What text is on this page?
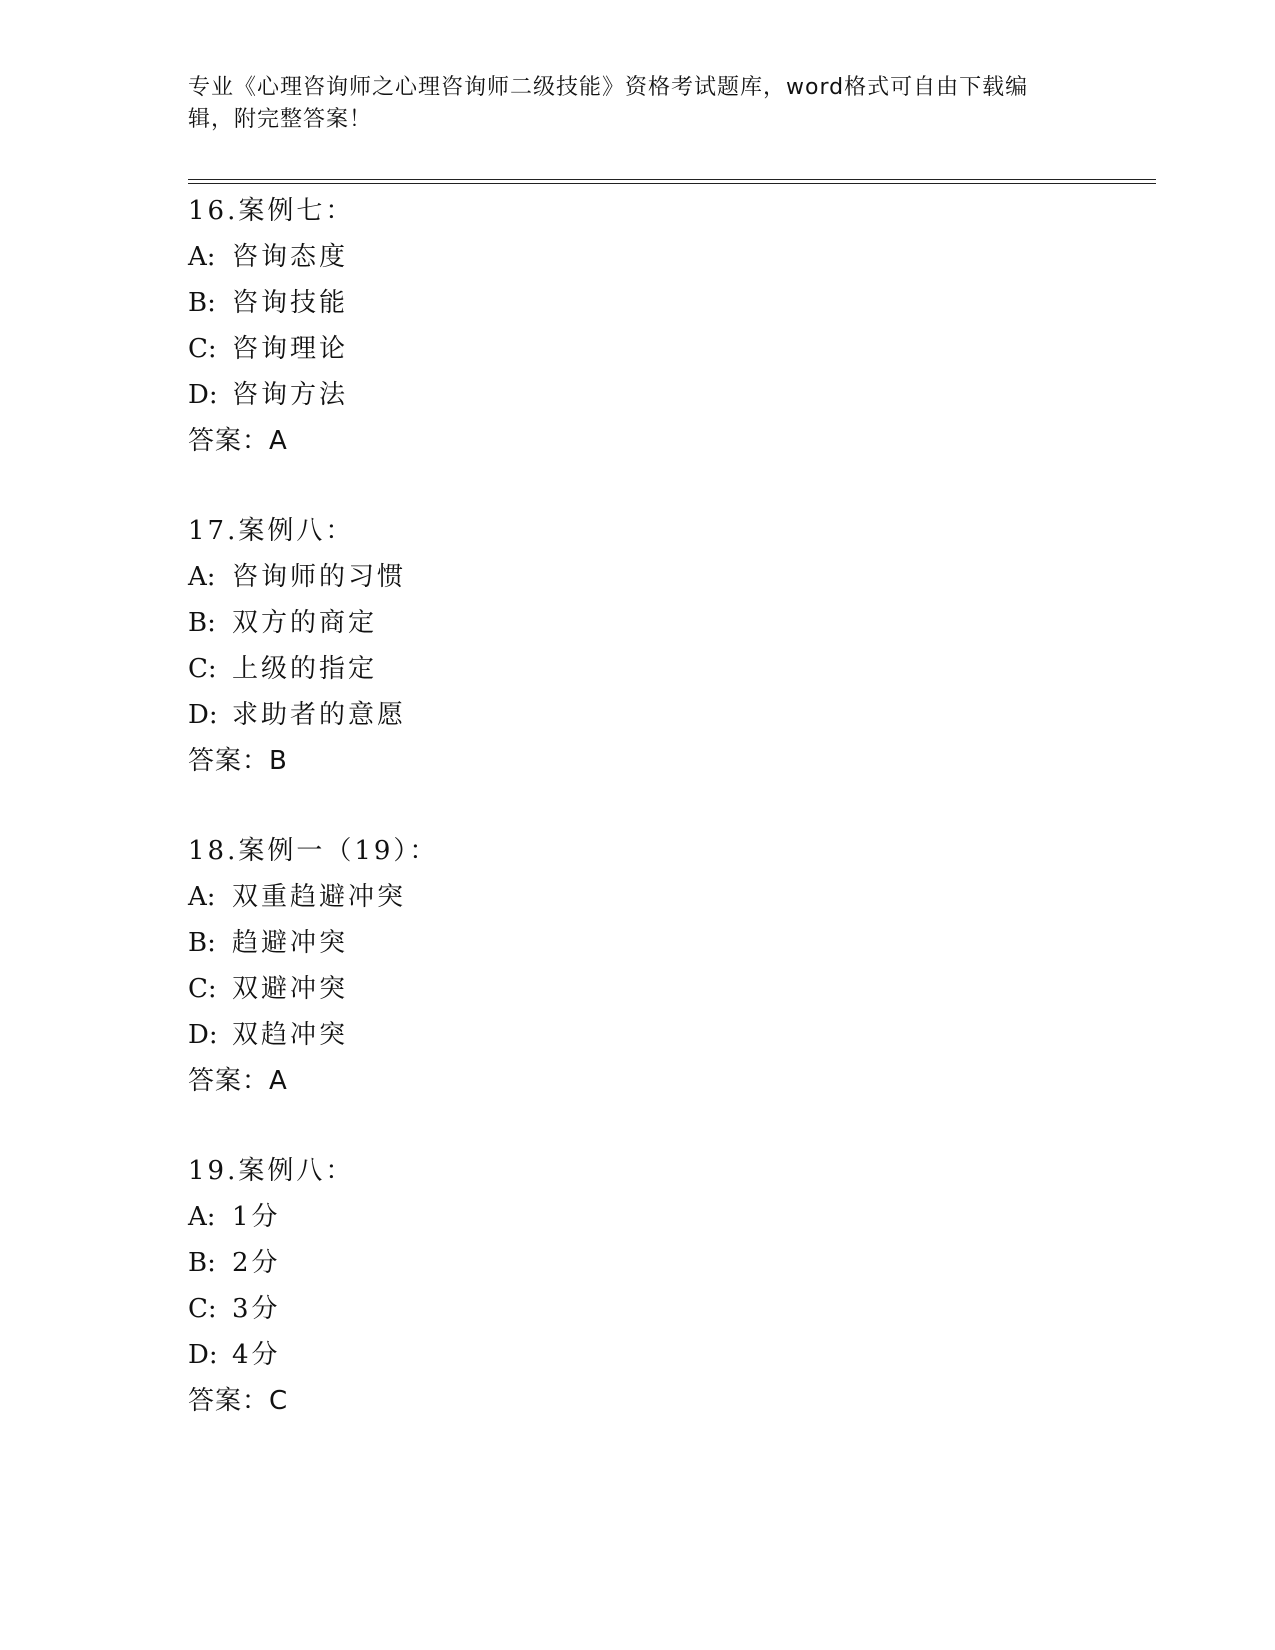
专业《心理咨询师之心理咨询师二级技能》资格考试题库，word格式可自由下载编辑，附完整答案！
16.案例七：
A: 咨询态度
B: 咨询技能
C: 咨询理论
D: 咨询方法
答案：A
17.案例八：
A: 咨询师的习惯
B: 双方的商定
C: 上级的指定
D: 求助者的意愿
答案：B
18.案例一（19）：
A: 双重趋避冲突
B: 趋避冲突
C: 双避冲突
D: 双趋冲突
答案：A
19.案例八：
A: 1分
B: 2分
C: 3分
D: 4分
答案：C
